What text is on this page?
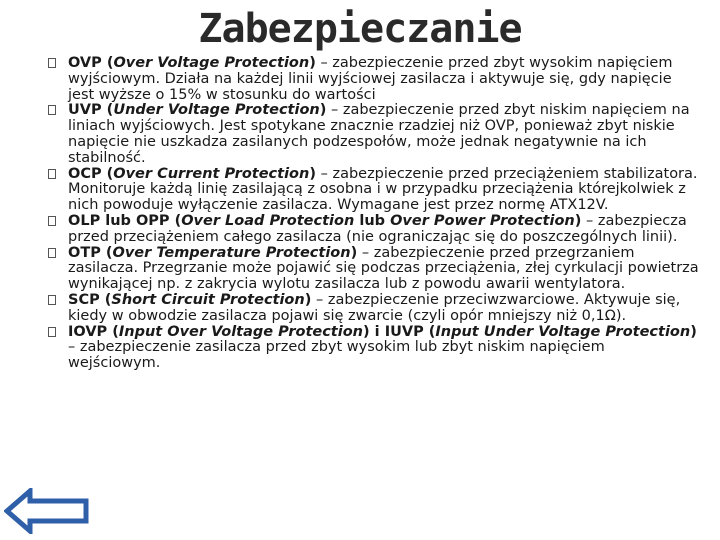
Zabezpieczanie
OVP (Over Voltage Protection) – zabezpieczenie przed zbyt wysokim napięciem wyjściowym. Działa na każdej linii wyjściowej zasilacza i aktywuje się, gdy napięcie jest wyższe o 15% w stosunku do wartości
UVP (Under Voltage Protection) – zabezpieczenie przed zbyt niskim napięciem na liniach wyjściowych. Jest spotykane znacznie rzadziej niż OVP, ponieważ zbyt niskie napięcie nie uszkadza zasilanych podzespołów, może jednak negatywnie na ich stabilność.
OCP (Over Current Protection) – zabezpieczenie przed przeciążeniem stabilizatora. Monitoruje każdą linię zasilającą z osobna i w przypadku przeciążenia którejkolwiek z nich powoduje wyłączenie zasilacza. Wymagane jest przez normę ATX12V.
OLP lub OPP (Over Load Protection lub Over Power Protection) – zabezpiecza przed przeciążeniem całego zasilacza (nie ograniczając się do poszczególnych linii).
OTP (Over Temperature Protection) – zabezpieczenie przed przegrzaniem zasilacza. Przegrzanie może pojawić się podczas przeciążenia, złej cyrkulacji powietrza wynikającej np. z zakrycia wylotu zasilacza lub z powodu awarii wentylatora.
SCP (Short Circuit Protection) – zabezpieczenie przeciwzwarciowe. Aktywuje się, kiedy w obwodzie zasilacza pojawi się zwarcie (czyli opór mniejszy niż 0,1Ω).
IOVP (Input Over Voltage Protection) i IUVP (Input Under Voltage Protection) – zabezpieczenie zasilacza przed zbyt wysokim lub zbyt niskim napięciem wejściowym.
